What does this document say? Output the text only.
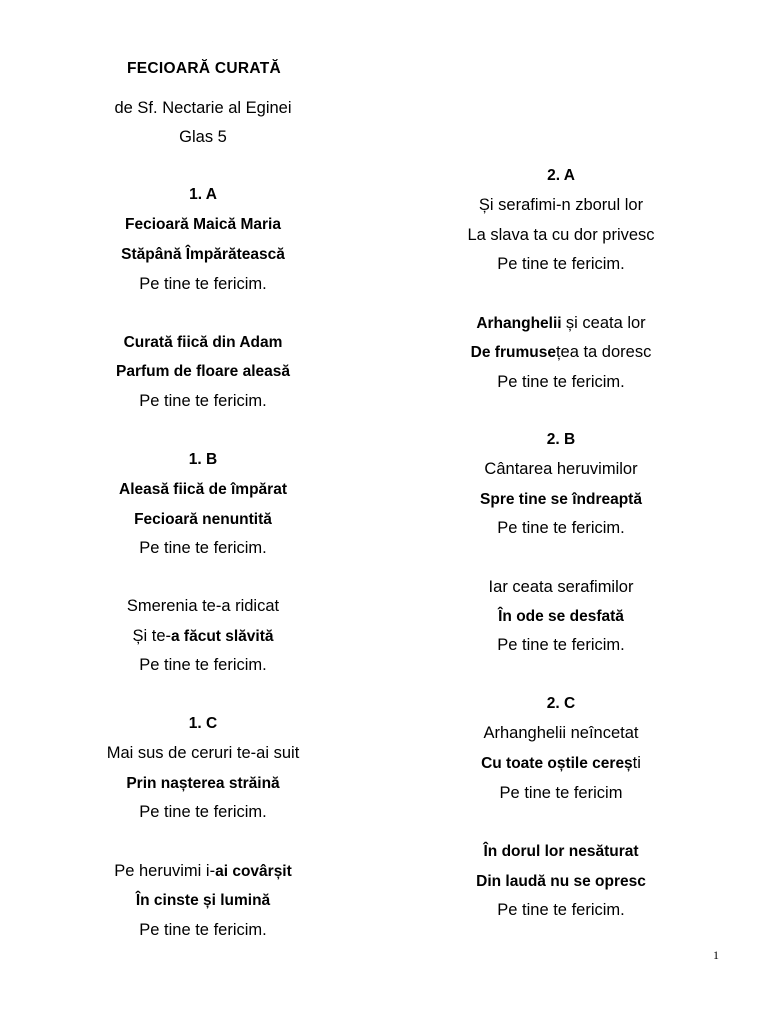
FECIOARĂ CURATĂ
de Sf. Nectarie al Eginei
Glas 5
1. A
Fecioară Maică Maria
Stăpână Împărătească
Pe tine te fericim.
Curată fiică din Adam
Parfum de floare aleasă
Pe tine te fericim.
1. B
Aleasă fiică de împărat
Fecioară nenuntită
Pe tine te fericim.
Smerenia te-a ridicat
Și te-a făcut slăvită
Pe tine te fericim.
1. C
Mai sus de ceruri te-ai suit
Prin nașterea străină
Pe tine te fericim.
Pe heruvimi i-ai covârșit
În cinste și lumină
Pe tine te fericim.
2. A
Și serafimi-n zborul lor
La slava ta cu dor privesc
Pe tine te fericim.
Arhanghelii și ceata lor
De frumusețea ta doresc
Pe tine te fericim.
2. B
Cântarea heruvimilor
Spre tine se îndreaptă
Pe tine te fericim.
Iar ceata serafimilor
În ode se desfată
Pe tine te fericim.
2. C
Arhanghelii neîncetat
Cu toate oștile cerești
Pe tine te fericim
În dorul lor nesăturat
Din laudă nu se opresc
Pe tine te fericim.
1
